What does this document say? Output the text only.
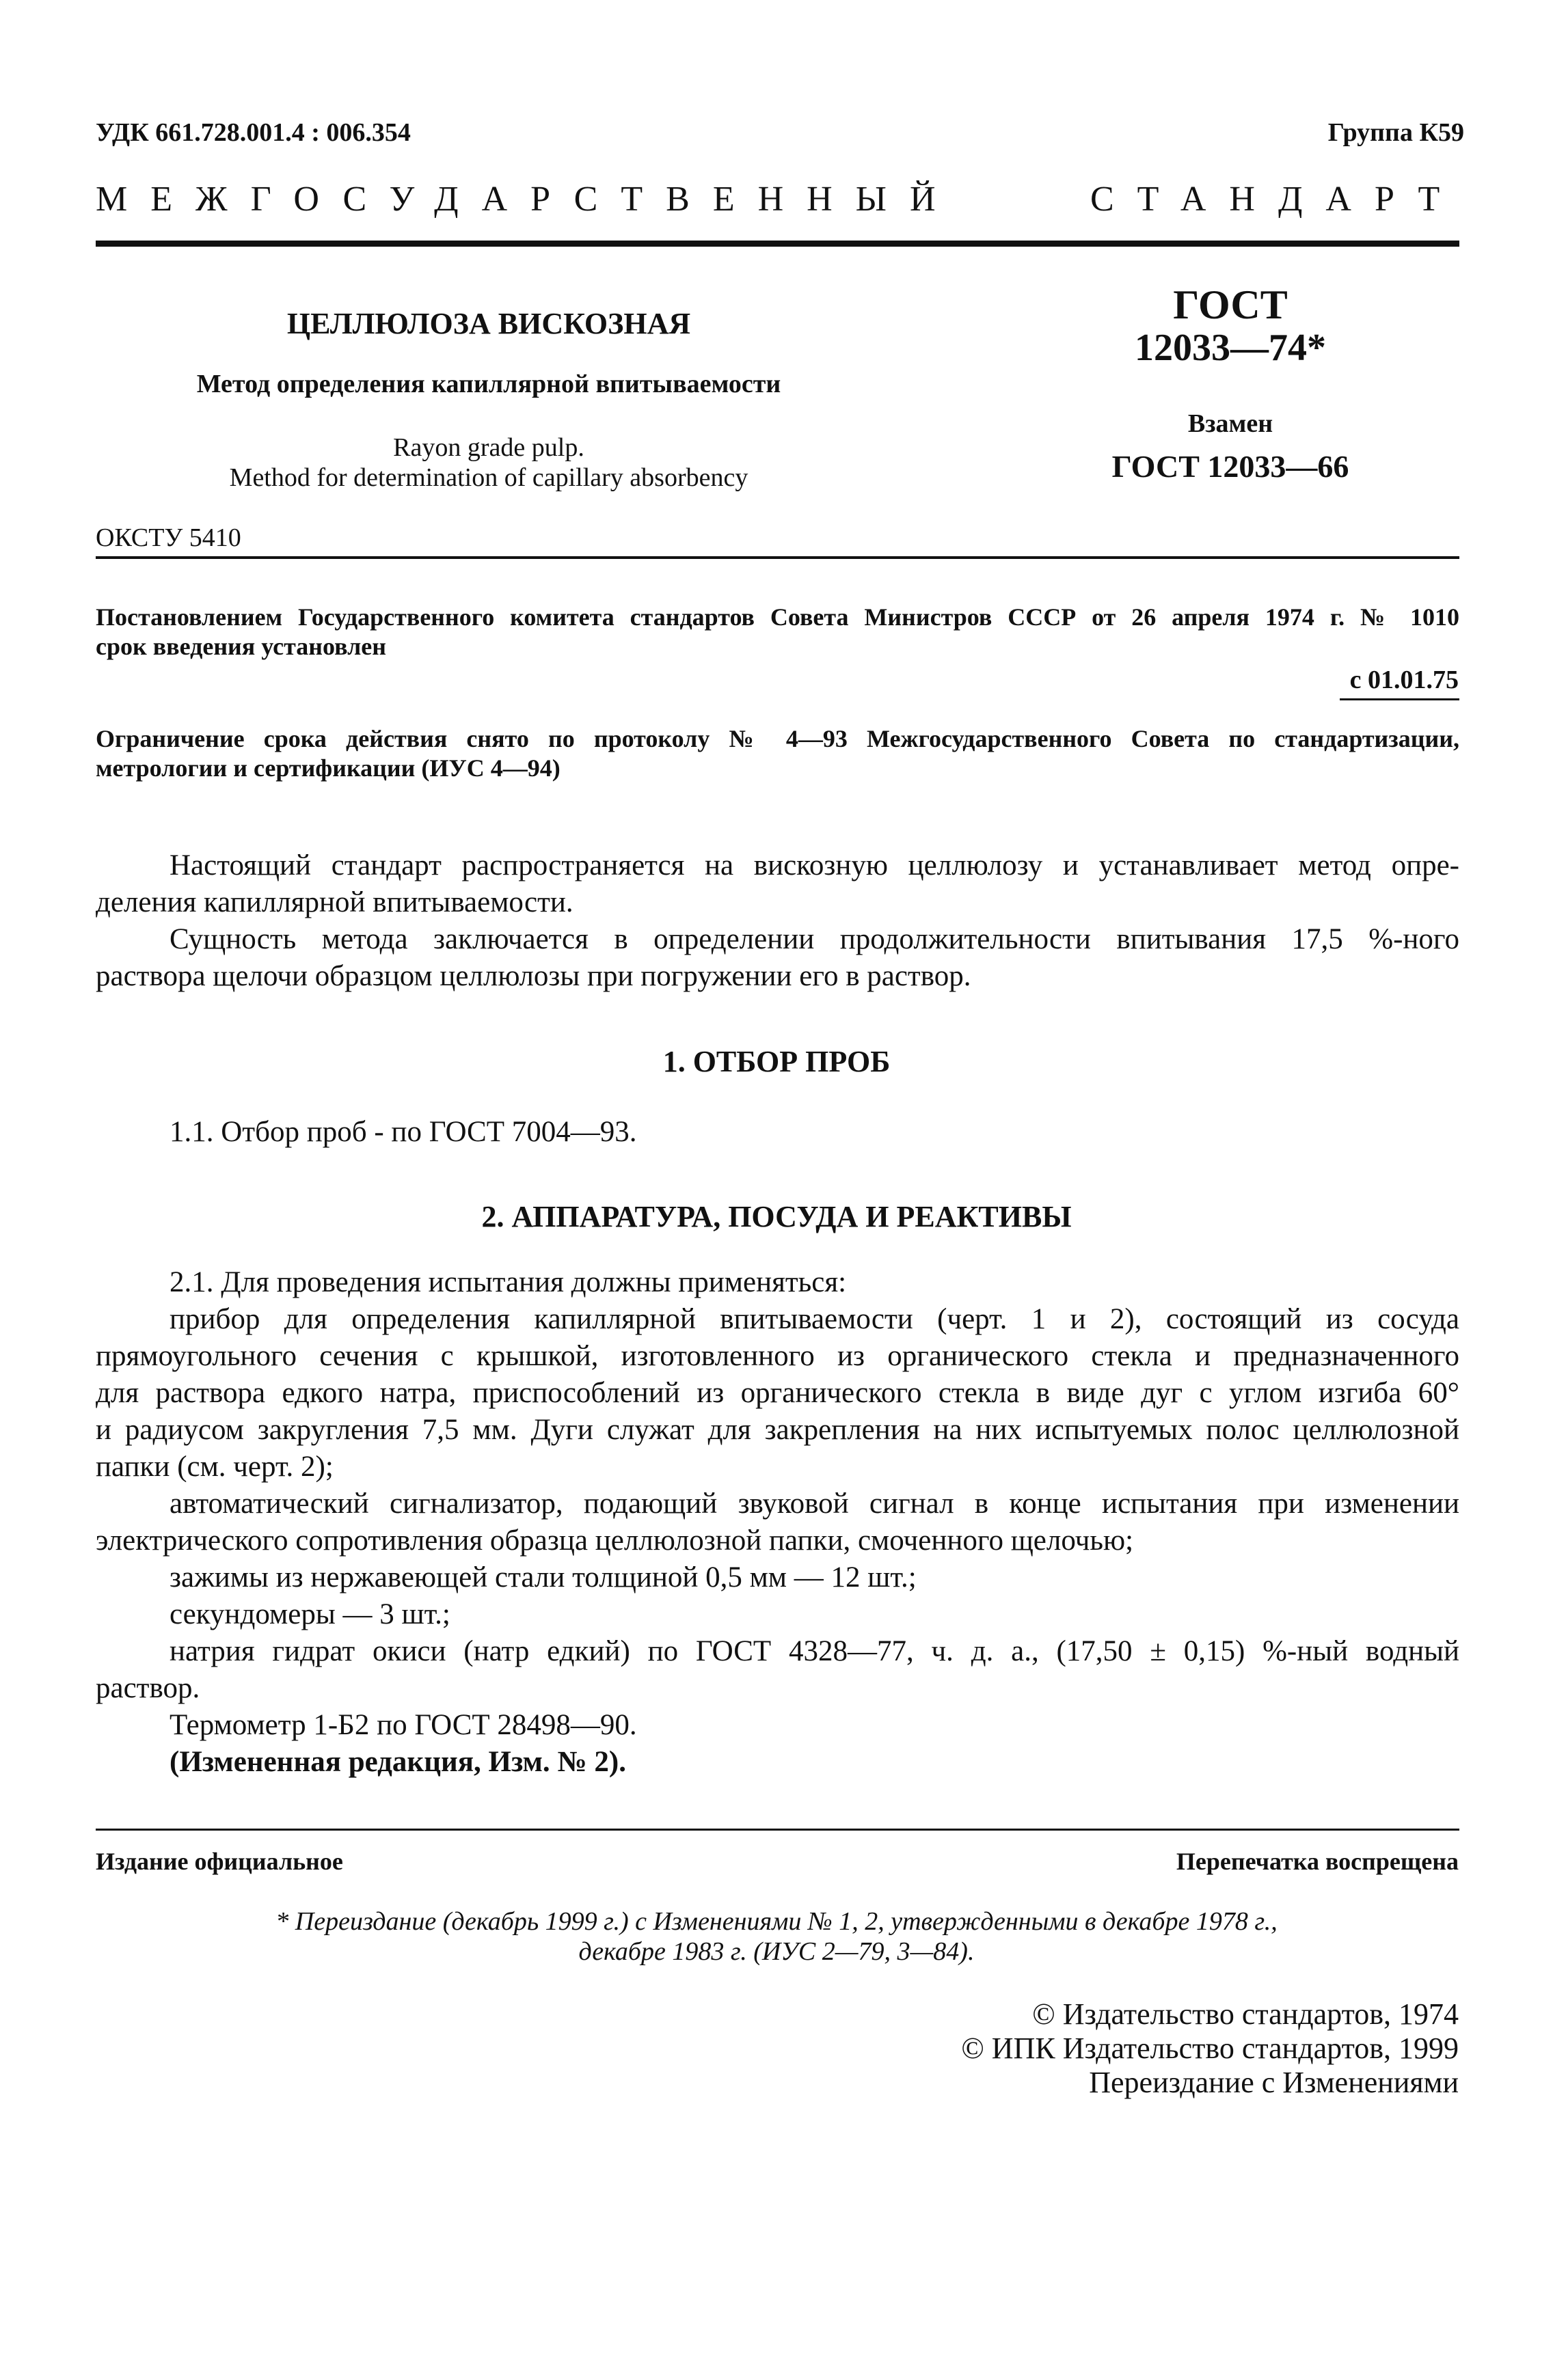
УДК 661.728.001.4 : 006.354	Группа К59
МЕЖГОСУДАРСТВЕННЫЙ	СТАНДАРТ
ЦЕЛЛЮЛОЗА ВИСКОЗНАЯ
Метод определения капиллярной впитываемости
Rayon grade pulp.
Method for determination of capillary absorbency
ГОСТ
12033—74*
Взамен
ГОСТ 12033—66
ОКСТУ 5410
Постановлением Государственного комитета стандартов Совета Министров СССР от 26 апреля 1974 г. № 1010
срок введения установлен
с 01.01.75
Ограничение срока действия снято по протоколу № 4—93 Межгосударственного Совета по стандартизации,
метрологии и сертификации (ИУС 4—94)
Настоящий стандарт распространяется на вискозную целлюлозу и устанавливает метод опре-
деления капиллярной впитываемости.
Сущность метода заключается в определении продолжительности впитывания 17,5 %-ного
раствора щелочи образцом целлюлозы при погружении его в раствор.
1. ОТБОР ПРОБ
1.1. Отбор проб - по ГОСТ 7004—93.
2. АППАРАТУРА, ПОСУДА И РЕАКТИВЫ
2.1. Для проведения испытания должны применяться:
прибор для определения капиллярной впитываемости (черт. 1 и 2), состоящий из сосуда
прямоугольного сечения с крышкой, изготовленного из органического стекла и предназначенного
для раствора едкого натра, приспособлений из органического стекла в виде дуг с углом изгиба 60°
и радиусом закругления 7,5 мм. Дуги служат для закрепления на них испытуемых полос целлюлозной
папки (см. черт. 2);
автоматический сигнализатор, подающий звуковой сигнал в конце испытания при изменении
электрического сопротивления образца целлюлозной папки, смоченного щелочью;
зажимы из нержавеющей стали толщиной 0,5 мм — 12 шт.;
секундомеры — 3 шт.;
натрия гидрат окиси (натр едкий) по ГОСТ 4328—77, ч. д. а., (17,50 ± 0,15) %-ный водный
раствор.
Термометр 1-Б2 по ГОСТ 28498—90.
(Измененная редакция, Изм. № 2).
Издание официальное	Перепечатка воспрещена
* Переиздание (декабрь 1999 г.) с Изменениями № 1, 2, утвержденными в декабре 1978 г.,
декабре 1983 г. (ИУС 2—79, 3—84).
© Издательство стандартов, 1974
© ИПК Издательство стандартов, 1999
Переиздание с Изменениями
